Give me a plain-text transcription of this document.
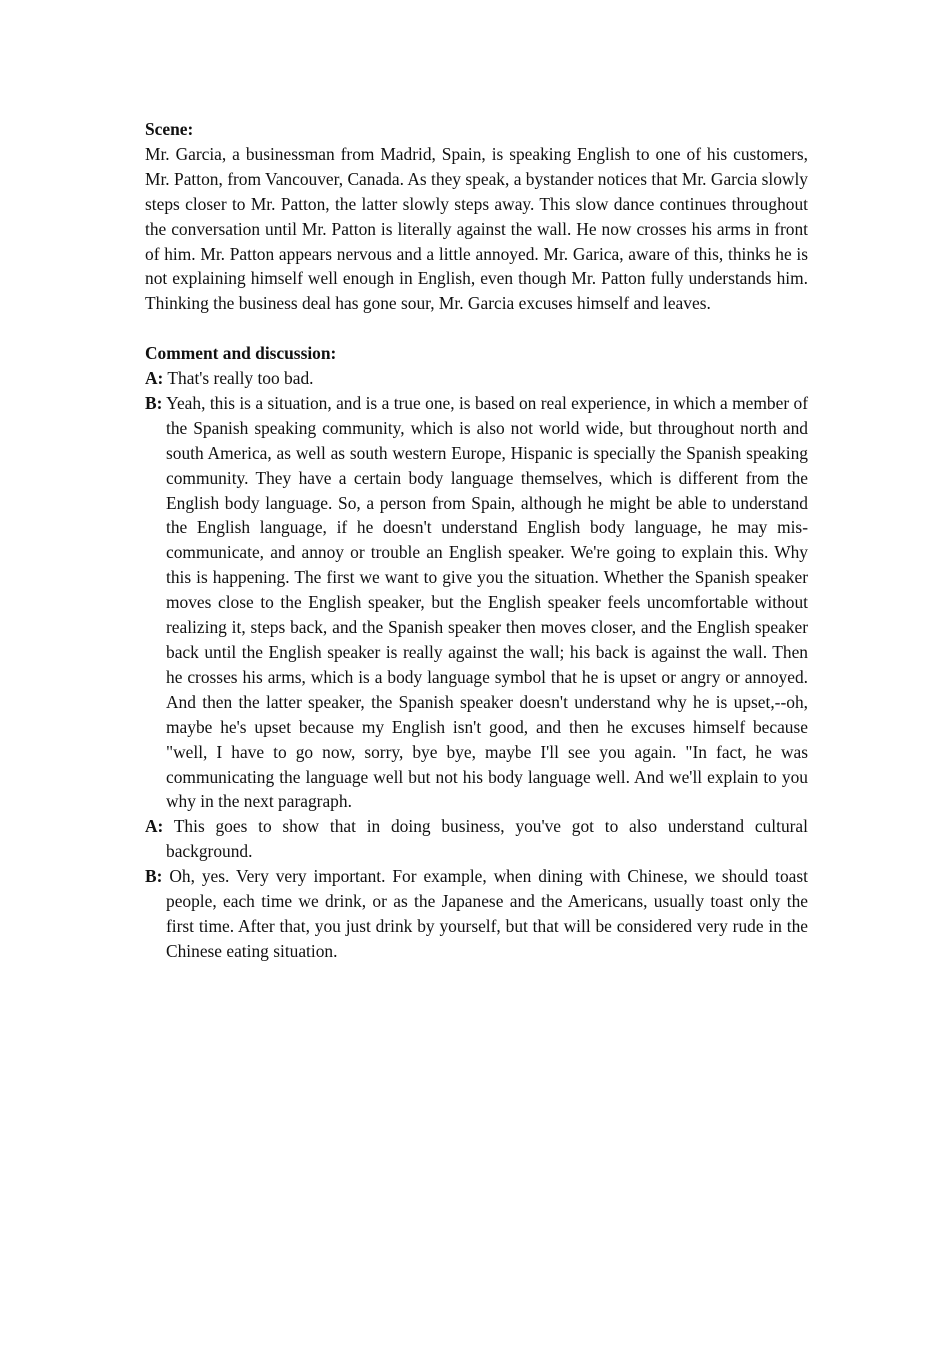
Scene:

Mr. Garcia, a businessman from Madrid, Spain, is speaking English to one of his customers, Mr. Patton, from Vancouver, Canada. As they speak, a bystander notices that Mr. Garcia slowly steps closer to Mr. Patton, the latter slowly steps away. This slow dance continues throughout the conversation until Mr. Patton is literally against the wall. He now crosses his arms in front of him. Mr. Patton appears nervous and a little annoyed. Mr. Garica, aware of this, thinks he is not explaining himself well enough in English, even though Mr. Patton fully understands him. Thinking the business deal has gone sour, Mr. Garcia excuses himself and leaves.

Comment and discussion:

A: That's really too bad.

B: Yeah, this is a situation, and is a true one, is based on real experience, in which a member of the Spanish speaking community, which is also not world wide, but throughout north and south America, as well as south western Europe, Hispanic is specially the Spanish speaking community. They have a certain body language themselves, which is different from the English body language. So, a person from Spain, although he might be able to understand the English language, if he doesn't understand English body language, he may mis-communicate, and annoy or trouble an English speaker. We're going to explain this. Why this is happening. The first we want to give you the situation. Whether the Spanish speaker moves close to the English speaker, but the English speaker feels uncomfortable without realizing it, steps back, and the Spanish speaker then moves closer, and the English speaker back until the English speaker is really against the wall; his back is against the wall. Then he crosses his arms, which is a body language symbol that he is upset or angry or annoyed. And then the latter speaker, the Spanish speaker doesn't understand why he is upset,--oh, maybe he's upset because my English isn't good, and then he excuses himself because "well, I have to go now, sorry, bye bye, maybe I'll see you again. "In fact, he was communicating the language well but not his body language well. And we'll explain to you why in the next paragraph.

A: This goes to show that in doing business, you've got to also understand cultural background.

B: Oh, yes. Very very important. For example, when dining with Chinese, we should toast people, each time we drink, or as the Japanese and the Americans, usually toast only the first time. After that, you just drink by yourself, but that will be considered very rude in the Chinese eating situation.
